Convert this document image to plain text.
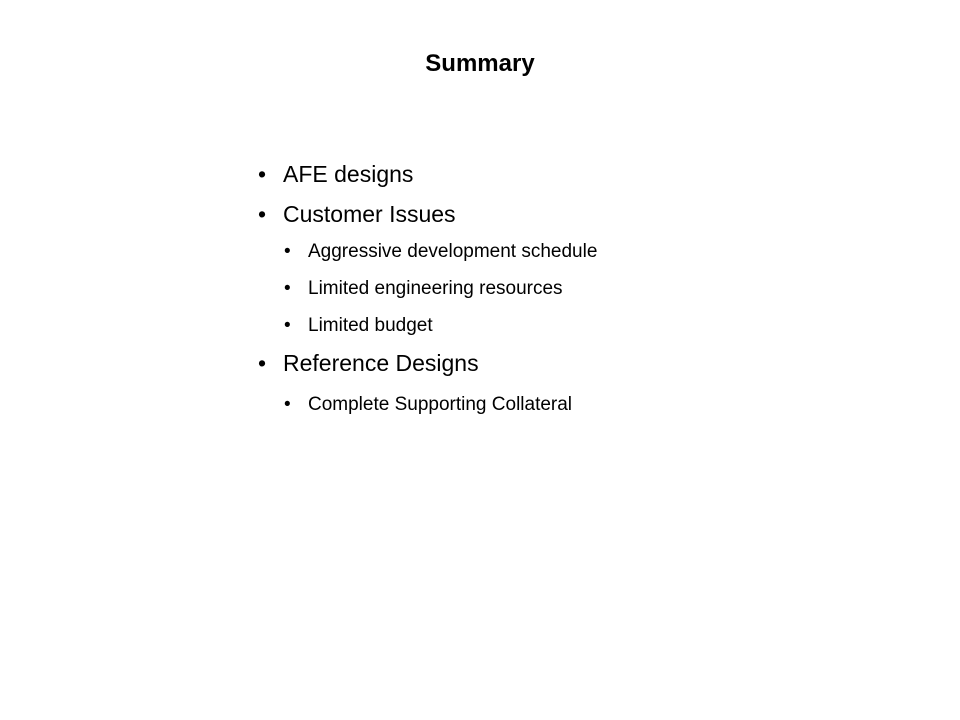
Summary
• AFE designs
• Customer Issues
• Aggressive development schedule
• Limited engineering resources
• Limited budget
• Reference Designs
• Complete Supporting Collateral
